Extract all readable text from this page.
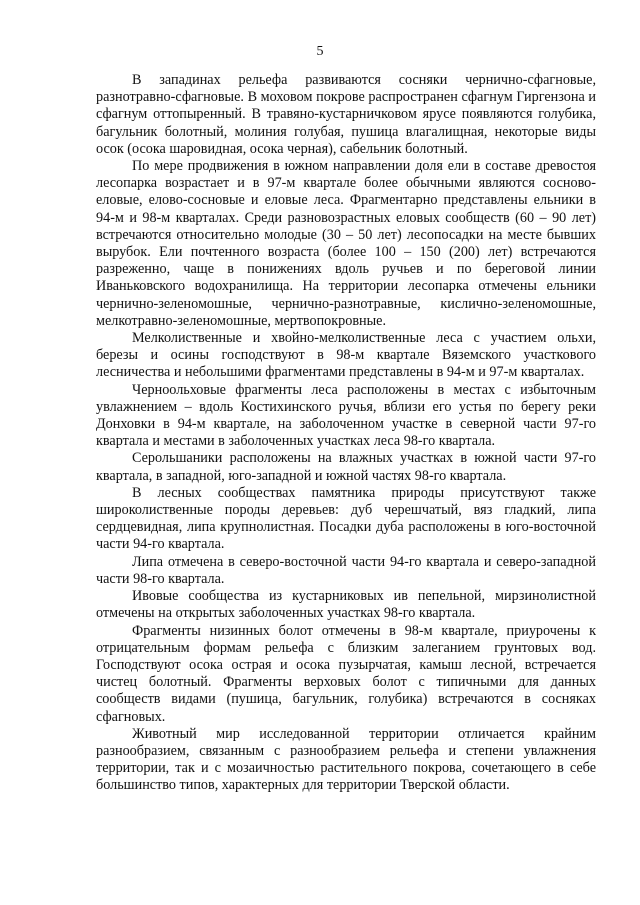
5

В западинах рельефа развиваются сосняки чернично-сфагновые, разнотравно-сфагновые. В моховом покрове распространен сфагнум Гиргензона и сфагнум оттопыренный. В травяно-кустарничковом ярусе появляются голубика, багульник болотный, молиния голубая, пушица влагалищная, некоторые виды осок (осока шаровидная, осока черная), сабельник болотный.

По мере продвижения в южном направлении доля ели в составе древостоя лесопарка возрастает и в 97-м квартале более обычными являются сосново-еловые, елово-сосновые и еловые леса. Фрагментарно представлены ельники в 94-м и 98-м кварталах. Среди разновозрастных еловых сообществ (60 – 90 лет) встречаются относительно молодые (30 – 50 лет) лесопосадки на месте бывших вырубок. Ели почтенного возраста (более 100 – 150 (200) лет) встречаются разреженно, чаще в понижениях вдоль ручьев и по береговой линии Иваньковского водохранилища. На территории лесопарка отмечены ельники чернично-зеленомошные, чернично-разнотравные, кислично-зеленомошные, мелкотравно-зеленомошные, мертвопокровные.

Мелколиственные и хвойно-мелколиственные леса с участием ольхи, березы и осины господствуют в 98-м квартале Вяземского участкового лесничества и небольшими фрагментами представлены в 94-м и 97-м кварталах.

Черноольховые фрагменты леса расположены в местах с избыточным увлажнением – вдоль Костихинского ручья, вблизи его устья по берегу реки Донховки в 94-м квартале, на заболоченном участке в северной части 97-го квартала и местами в заболоченных участках леса 98-го квартала.

Серольшаники расположены на влажных участках в южной части 97-го квартала, в западной, юго-западной и южной частях 98-го квартала.

В лесных сообществах памятника природы присутствуют также широколиственные породы деревьев: дуб черешчатый, вяз гладкий, липа сердцевидная, липа крупнолистная. Посадки дуба расположены в юго-восточной части 94-го квартала.

Липа отмечена в северо-восточной части 94-го квартала и северо-западной части 98-го квартала.

Ивовые сообщества из кустарниковых ив пепельной, мирзинолистной отмечены на открытых заболоченных участках 98-го квартала.

Фрагменты низинных болот отмечены в 98-м квартале, приурочены к отрицательным формам рельефа с близким залеганием грунтовых вод. Господствуют осока острая и осока пузырчатая, камыш лесной, встречается чистец болотный. Фрагменты верховых болот с типичными для данных сообществ видами (пушица, багульник, голубика) встречаются в сосняках сфагновых.

Животный мир исследованной территории отличается крайним разнообразием, связанным с разнообразием рельефа и степени увлажнения территории, так и с мозаичностью растительного покрова, сочетающего в себе большинство типов, характерных для территории Тверской области.
